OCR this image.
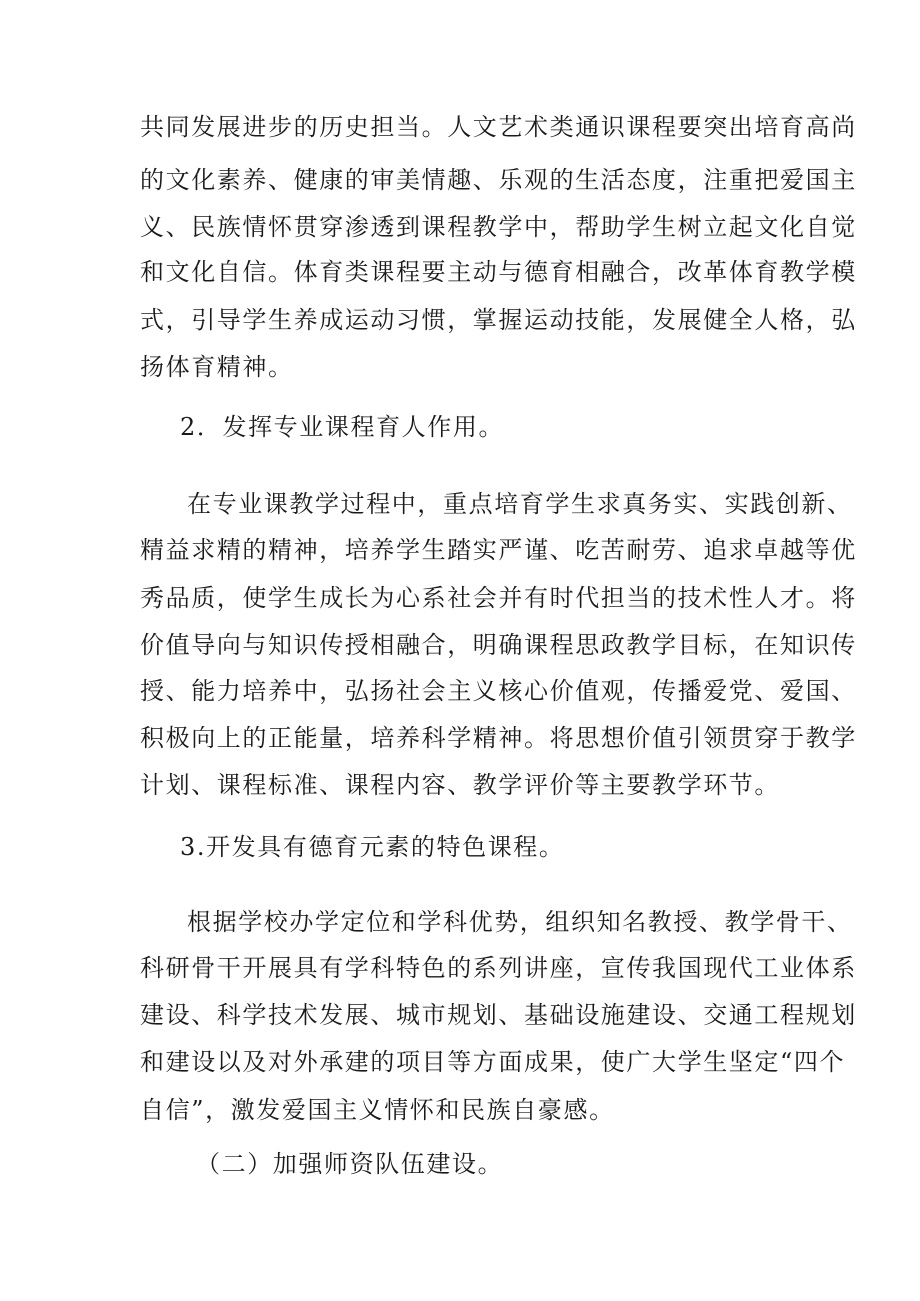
共同发展进步的历史担当。人文艺术类通识课程要突出培育高尚
的文化素养、健康的审美情趣、乐观的生活态度，注重把爱国主
义、民族情怀贯穿渗透到课程教学中，帮助学生树立起文化自觉
和文化自信。体育类课程要主动与德育相融合，改革体育教学模
式，引导学生养成运动习惯，掌握运动技能，发展健全人格，弘
扬体育精神。
2．发挥专业课程育人作用。
在专业课教学过程中，重点培育学生求真务实、实践创新、
精益求精的精神，培养学生踏实严谨、吃苦耐劳、追求卓越等优
秀品质，使学生成长为心系社会并有时代担当的技术性人才。将
价值导向与知识传授相融合，明确课程思政教学目标，在知识传
授、能力培养中，弘扬社会主义核心价值观，传播爱党、爱国、
积极向上的正能量，培养科学精神。将思想价值引领贯穿于教学
计划、课程标准、课程内容、教学评价等主要教学环节。
3.开发具有德育元素的特色课程。
根据学校办学定位和学科优势，组织知名教授、教学骨干、
科研骨干开展具有学科特色的系列讲座，宣传我国现代工业体系
建设、科学技术发展、城市规划、基础设施建设、交通工程规划
和建设以及对外承建的项目等方面成果，使广大学生坚定“四个
自信”，激发爱国主义情怀和民族自豪感。
（二）加强师资队伍建设。
